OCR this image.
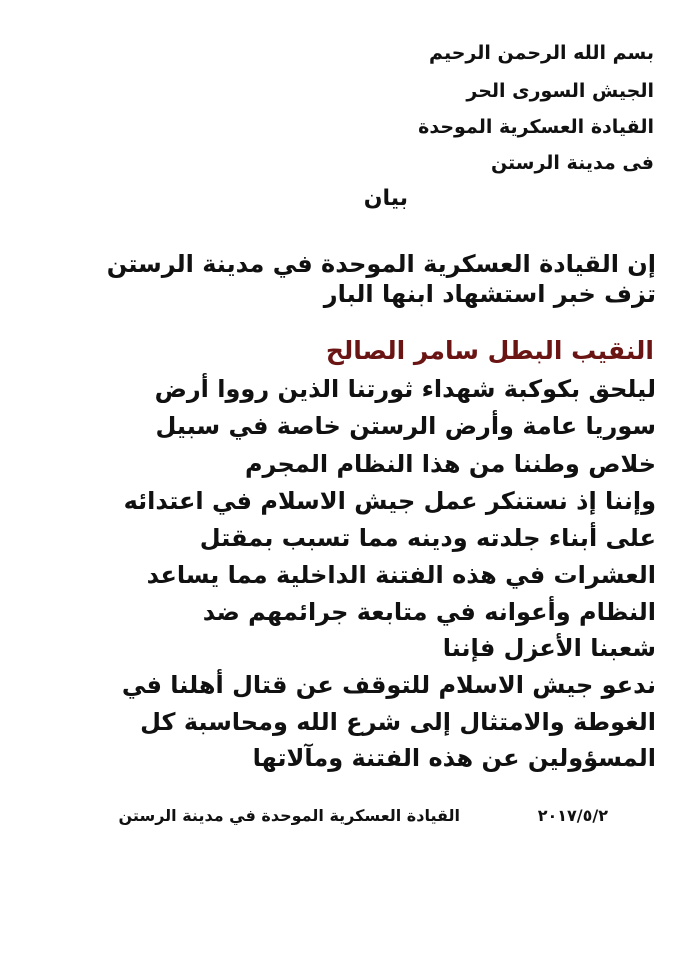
بسم الله الرحمن الرحيم
الجيش السورى الحر
القيادة العسكرية الموحدة
فى مدينة الرستن
بيان
إن القيادة العسكرية الموحدة في مدينة الرستن
تزف خبر استشهاد ابنها البار
النقيب البطل سامر الصالح
ليلحق بكوكبة شهداء ثورتنا الذين رووا أرض
سوريا عامة وأرض الرستن خاصة في سبيل
خلاص وطننا من هذا النظام المجرم
وإننا إذ نستنكر عمل جيش الاسلام في اعتدائه
على أبناء جلدته ودينه مما تسبب بمقتل
العشرات في هذه الفتنة الداخلية مما يساعد
النظام وأعوانه في متابعة جرائمهم ضد
شعبنا الأعزل فإننا
ندعو جيش الاسلام للتوقف عن قتال أهلنا في
الغوطة والامتثال إلى شرع الله ومحاسبة كل
المسؤولين عن هذه الفتنة ومآلاتها
٢٠١٧/٥/٢
القيادة العسكرية الموحدة في مدينة الرستن
